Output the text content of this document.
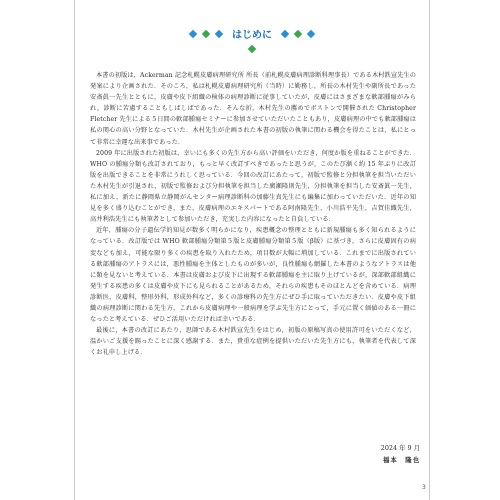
はじめに

本書の初版は，Ackerman 記念札幌皮膚病理研究所 所長（前札幌皮膚病理診断科理事長）である木村鉄宣先生の発案により企画された．そのころ，私は札幌皮膚病理研究所（当時）に勤務し，所長の木村先生や副所長であった安斎眞一先生とともに，皮膚や皮下組織の検体の病理診断に従事していたが，皮膚にはさまざまな軟部腫瘍がみられ，診断に苦慮することもしばしばであった．そんな折，木村先生の薦めでボストンで開催された Christopher Fletcher 先生による５日間の軟部腫瘍セミナーに参加させていただいたこともあり，皮膚病理の中でも軟部腫瘍は私の関心の高い分野となっていた．木村先生が企画された本書の初版の執筆に関わる機会を得たことは，私にとって非常に幸運な出来事であった．

2009 年に出版された初版は，幸いにも多くの先生方から高い評価をいただき，何度か版を重ねることができた．WHO の腫瘍分類も改訂されており，もっと早く改訂すべきであったと思うが，このたび漸く約 15 年ぶりに改訂版を出版できることを非常にうれしく思っている．今回の改訂にあたって，初版で監修と分担執筆を担当いただいた木村先生が引退され，初版で監修および分担執筆を担当した廣瀬隆則先生，分担執筆を担当した安斎眞一先生，私に加え，新たに静岡県立静岡がんセンター病理診断科の加藤生真先生にも編集に加わっていただいた．近年の知見を多く盛り込むことができ，また，皮膚病理のエキスパートである阿南隆先生，小川浩平先生，吉賀佳織先生，高井利浩先生にも執筆者として参加いただき，充実した内容になったと自負している．

近年，腫瘍の分子遺伝学的知見が数多く明らかになり，疾患概念の整理とともに新規腫瘍も多く知られるようになっている．改訂版では WHO 軟部腫瘍分類第５版と皮膚腫瘍分類第５版（β版）に基づき，さらに皮膚固有の病変なども加え，可能な限り多くの疾患を取り入れたため，項目数が大幅に増加している．これまでに出版されている軟部腫瘍のアトラスには，悪性腫瘍を主体としたものが多いが，良性腫瘍も網羅した本書のようなアトラスは他に類を見ないと考えている．本書は皮膚および皮下に出現する軟部腫瘍を主に取り上げているが，深部軟部組織に発生する疾患の多くは皮膚や皮下にも見られることがあるため，それらの疾患もそのほとんどを含めている．病理診断医，皮膚科，整形外科，形成外科など，多くの診療科の先生方にぜひ手に取っていただきたい．皮膚や皮下組織の病理診断に関わる先生方，これから皮膚病理や一般病理を学ぶ先生方にとって，手元に置く価値のある一冊になったと考えている．ぜひご活用いただければ幸いである．

最後に，本書の改訂にあたり，思師である木村鉄宣先生をはじめ，初版の原稿写真の使用許可をいただくなど，温かいご支援を賜ったことに深く感謝する．また，貴重な症例を提供いただいた先生方にも，執筆者を代表して深くお礼申し上げる．

2024 年 9 月
福本　隆也
3
